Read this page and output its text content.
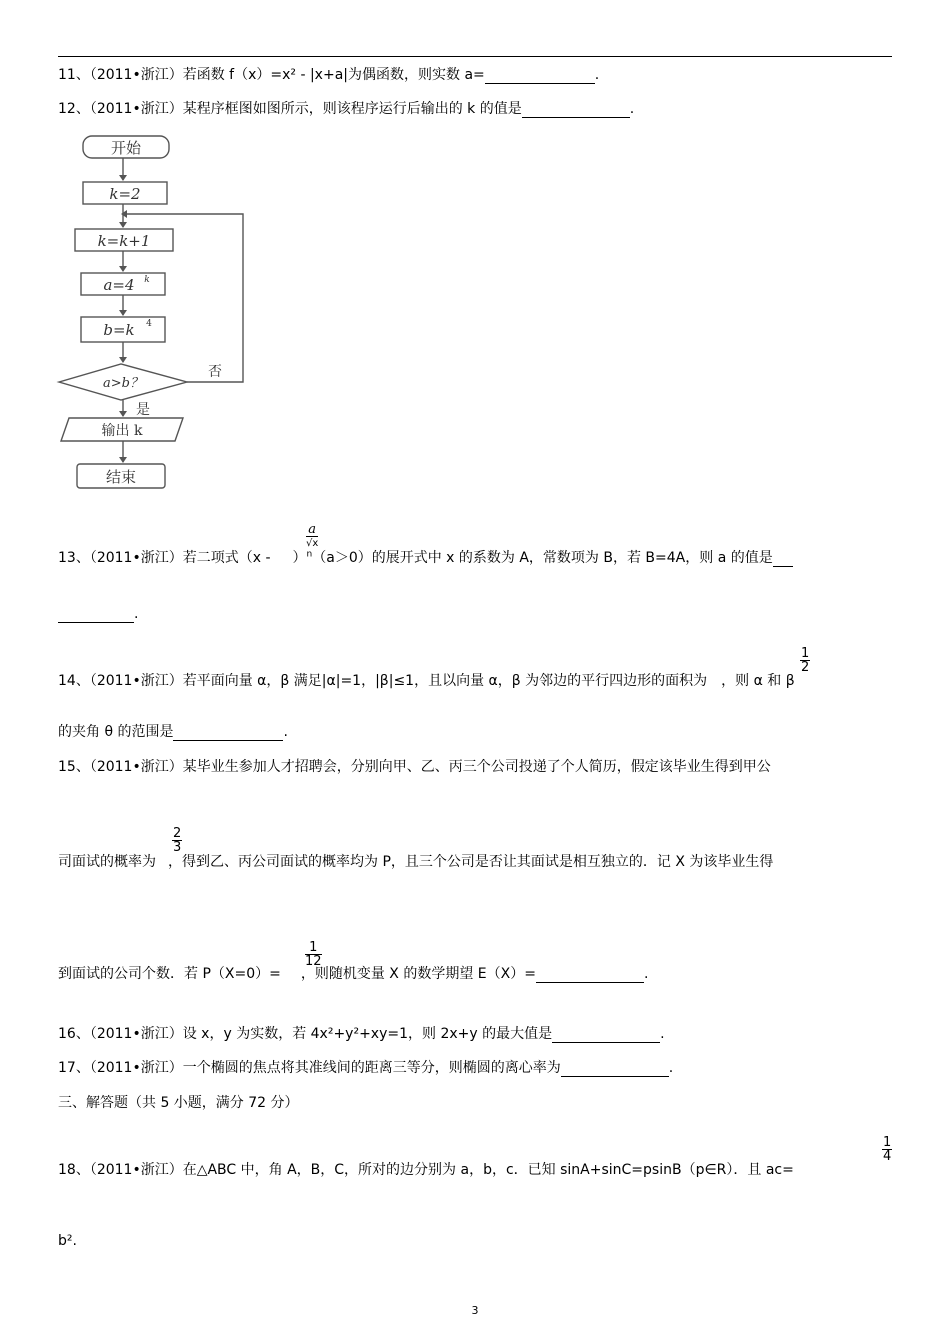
11、（2011•浙江）若函数 f（x）=x² - |x+a|为偶函数，则实数 a=	.
12、（2011•浙江）某程序框图如图所示，则该程序运行后输出的 k 的值是	.
开始
k=2
k=k+1
a=4 k
b=k 4
a>b？
否
是
输出 k
结束
a
√x
13、（2011•浙江）若二项式（x - ）$^n$（a＞0）的展开式中 x 的系数为 A，常数项为 B，若 B=4A，则 a 的值是
.
$\frac{1}{2}$
14、（2011•浙江）若平面向量 α，β 满足|α|=1，|β|≤1，且以向量 α，β 为邻边的平行四边形的面积为 ，则 α 和 β
的夹角 θ 的范围是	.
15、（2011•浙江）某毕业生参加人才招聘会，分别向甲、乙、丙三个公司投递了个人简历，假定该毕业生得到甲公
$\frac{2}{3}$
司面试的概率为 ，得到乙、丙公司面试的概率均为 P，且三个公司是否让其面试是相互独立的．记 X 为该毕业生得
$\frac{1}{12}$
到面试的公司个数．若 P（X=0）= ，则随机变量 X 的数学期望 E（X）=	.
16、（2011•浙江）设 x，y 为实数，若 4x²+y²+xy=1，则 2x+y 的最大值是	.
17、（2011•浙江）一个椭圆的焦点将其准线间的距离三等分，则椭圆的离心率为	.
三、解答题（共 5 小题，满分 72 分）
$\frac{1}{4}$
18、（2011•浙江）在△ABC 中，角 A，B，C，所对的边分别为 a，b，c．已知 sinA+sinC=psinB（p∈R）．且 ac=
b².
3
